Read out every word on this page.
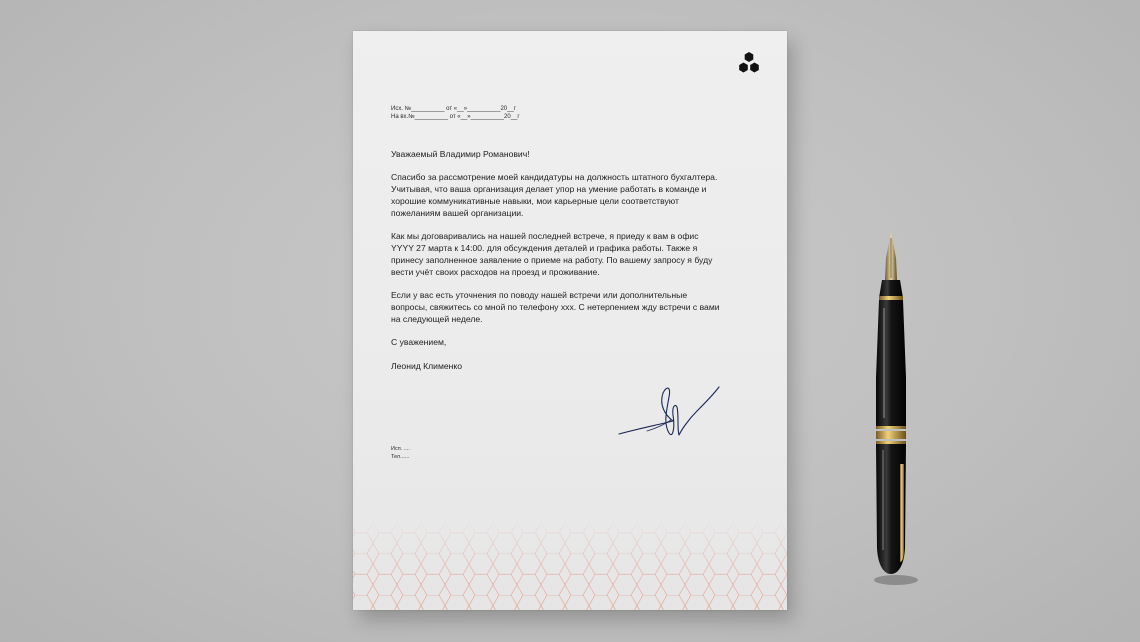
Исх. №__________ от «__»__________20__г
На вх.№__________ от «__»__________20__г

Уважаемый Владимир Романович!

Спасибо за рассмотрение моей кандидатуры на должность штатного бухгалтера. Учитывая, что ваша организация делает упор на умение работать в команде и хорошие коммуникативные навыки, мои карьерные цели соответствуют пожеланиям вашей организации.

Как мы договаривались на нашей последней встрече, я приеду к вам в офис YYYY 27 марта к 14:00. для обсуждения деталей и графика работы. Также я принесу заполненное заявление о приеме на работу. По вашему запросу я буду вести учёт своих расходов на проезд и проживание.

Если у вас есть уточнения по поводу нашей встречи или дополнительные вопросы, свяжитесь со мной по телефону ххх. С нетерпением жду встречи с вами на следующей неделе.

С уважением,

Леонид Клименко

Исп. ....
Тел......
